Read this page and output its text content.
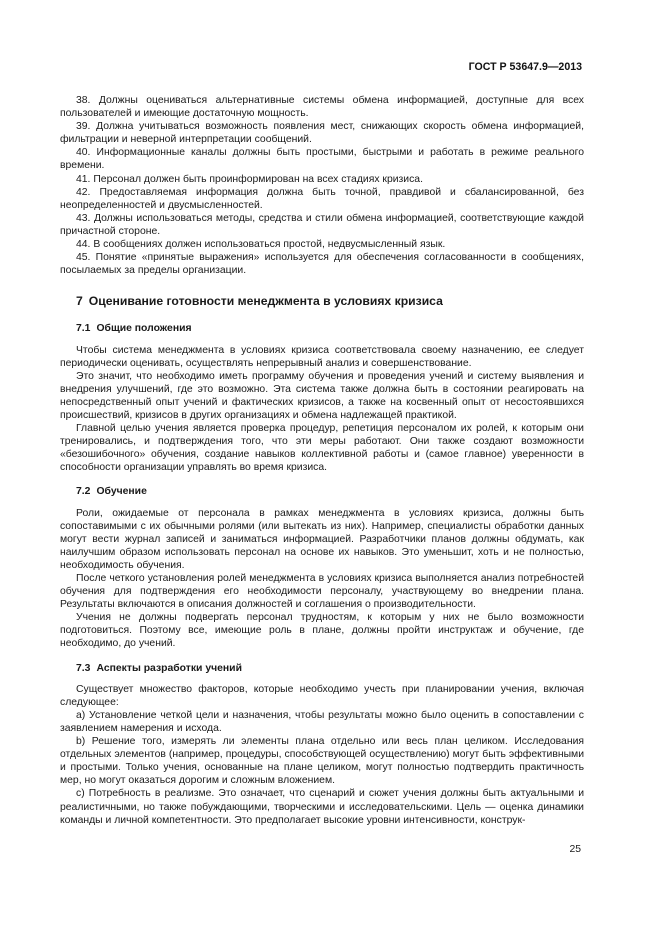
ГОСТ Р 53647.9—2013

38. Должны оцениваться альтернативные системы обмена информацией, доступные для всех пользователей и имеющие достаточную мощность.

39. Должна учитываться возможность появления мест, снижающих скорость обмена информацией, фильтрации и неверной интерпретации сообщений.

40. Информационные каналы должны быть простыми, быстрыми и работать в режиме реального времени.

41. Персонал должен быть проинформирован на всех стадиях кризиса.

42. Предоставляемая информация должна быть точной, правдивой и сбалансированной, без неопределенностей и двусмысленностей.

43. Должны использоваться методы, средства и стили обмена информацией, соответствующие каждой причастной стороне.

44. В сообщениях должен использоваться простой, недвусмысленный язык.

45. Понятие «принятые выражения» используется для обеспечения согласованности в сообщениях, посылаемых за пределы организации.

7 Оценивание готовности менеджмента в условиях кризиса
7.1 Общие положения

Чтобы система менеджмента в условиях кризиса соответствовала своему назначению, ее следует периодически оценивать, осуществлять непрерывный анализ и совершенствование.

Это значит, что необходимо иметь программу обучения и проведения учений и систему выявления и внедрения улучшений, где это возможно. Эта система также должна быть в состоянии реагировать на непосредственный опыт учений и фактических кризисов, а также на косвенный опыт от несостоявшихся происшествий, кризисов в других организациях и обмена надлежащей практикой.

Главной целью учения является проверка процедур, репетиция персоналом их ролей, к которым они тренировались, и подтверждения того, что эти меры работают. Они также создают возможности «безошибочного» обучения, создание навыков коллективной работы и (самое главное) уверенности в способности организации управлять во время кризиса.

7.2 Обучение

Роли, ожидаемые от персонала в рамках менеджмента в условиях кризиса, должны быть сопоставимыми с их обычными ролями (или вытекать из них). Например, специалисты обработки данных могут вести журнал записей и заниматься информацией. Разработчики планов должны обдумать, как наилучшим образом использовать персонал на основе их навыков. Это уменьшит, хоть и не полностью, необходимость обучения.

После четкого установления ролей менеджмента в условиях кризиса выполняется анализ потребностей обучения для подтверждения его необходимости персоналу, участвующему во внедрении плана. Результаты включаются в описания должностей и соглашения о производительности.

Учения не должны подвергать персонал трудностям, к которым у них не было возможности подготовиться. Поэтому все, имеющие роль в плане, должны пройти инструктаж и обучение, где необходимо, до учений.

7.3 Аспекты разработки учений

Существует множество факторов, которые необходимо учесть при планировании учения, включая следующее:

а) Установление четкой цели и назначения, чтобы результаты можно было оценить в сопоставлении с заявлением намерения и исхода.

b) Решение того, измерять ли элементы плана отдельно или весь план целиком. Исследования отдельных элементов (например, процедуры, способствующей осуществлению) могут быть эффективными и простыми. Только учения, основанные на плане целиком, могут полностью подтвердить практичность мер, но могут оказаться дорогим и сложным вложением.

c) Потребность в реализме. Это означает, что сценарий и сюжет учения должны быть актуальными и реалистичными, но также побуждающими, творческими и исследовательскими. Цель — оценка динамики команды и личной компетентности. Это предполагает высокие уровни интенсивности, конструк-

25
